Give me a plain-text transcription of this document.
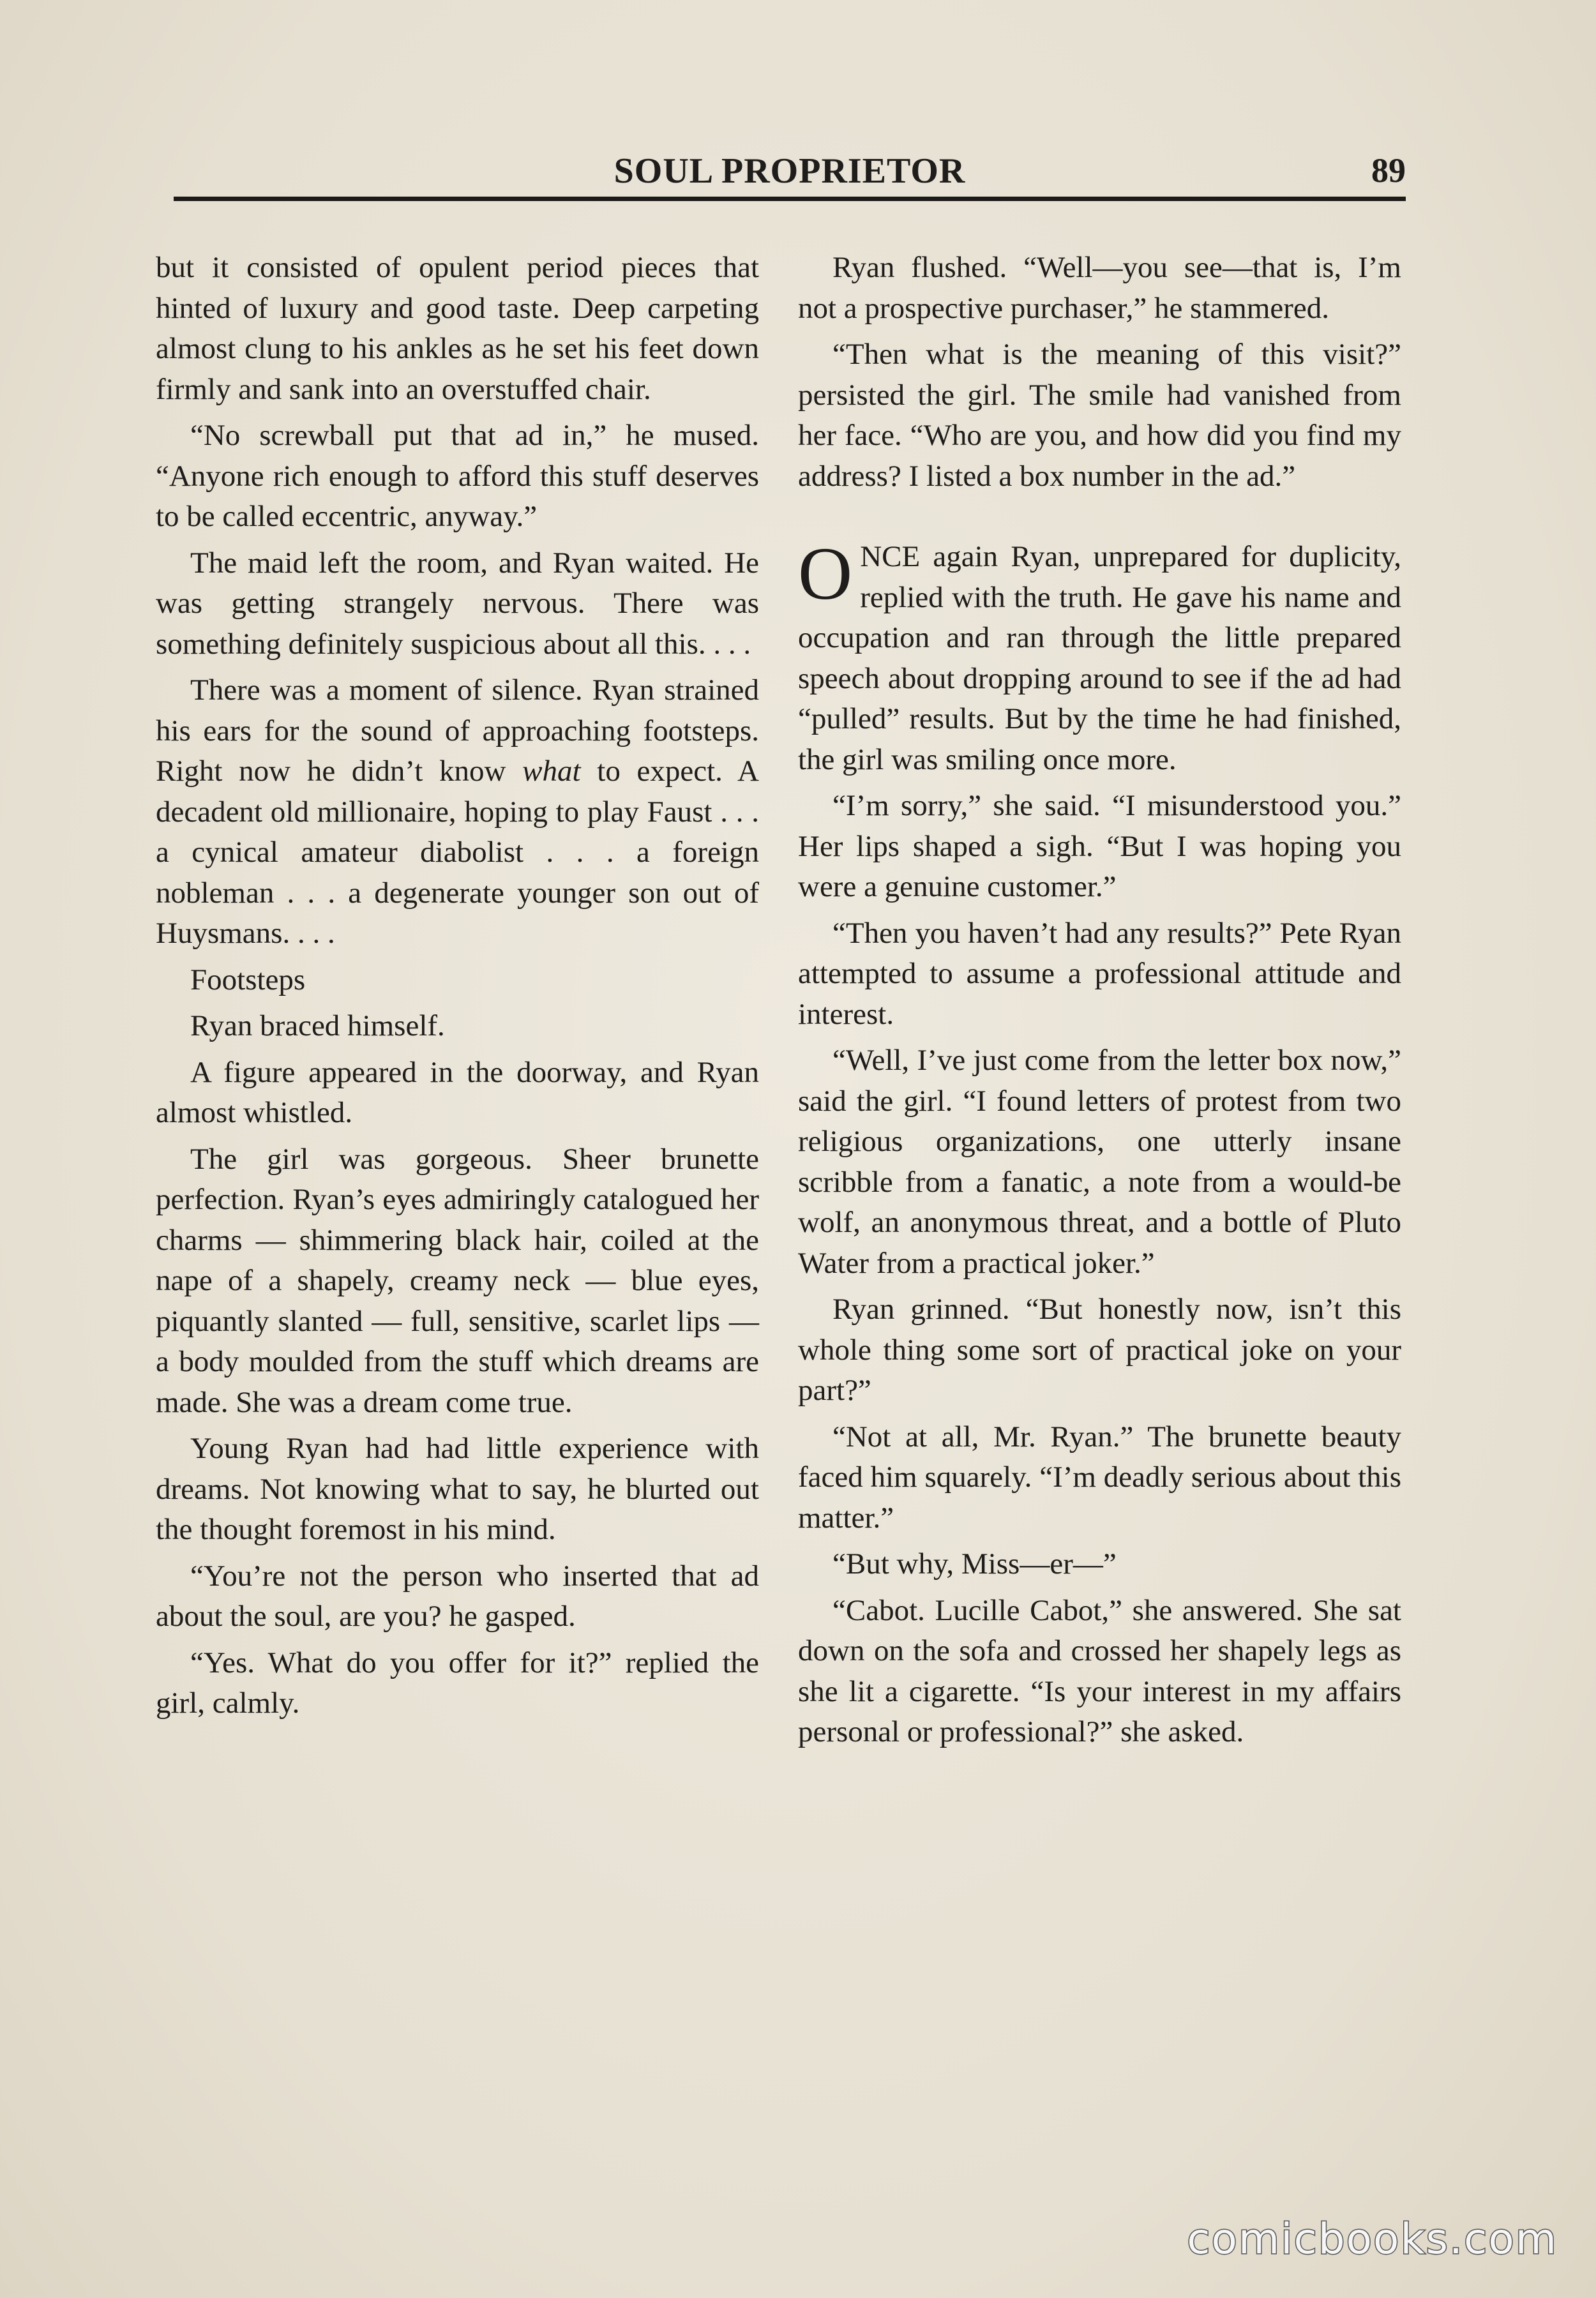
SOUL PROPRIETOR	89

but it consisted of opulent period pieces that hinted of luxury and good taste. Deep carpeting almost clung to his ankles as he set his feet down firmly and sank into an overstuffed chair.

“No screwball put that ad in,” he mused. “Anyone rich enough to afford this stuff deserves to be called eccentric, anyway.”

The maid left the room, and Ryan waited. He was getting strangely nervous. There was something definitely suspicious about all this. . . .

There was a moment of silence. Ryan strained his ears for the sound of approaching footsteps. Right now he didn’t know what to expect. A decadent old millionaire, hoping to play Faust . . . a cynical amateur diabolist . . . a foreign nobleman . . . a degenerate younger son out of Huysmans. . . .

Footsteps

Ryan braced himself.

A figure appeared in the doorway, and Ryan almost whistled.

The girl was gorgeous. Sheer brunette perfection. Ryan’s eyes admiringly catalogued her charms — shimmering black hair, coiled at the nape of a shapely, creamy neck — blue eyes, piquantly slanted — full, sensitive, scarlet lips — a body moulded from the stuff which dreams are made. She was a dream come true.

Young Ryan had had little experience with dreams. Not knowing what to say, he blurted out the thought foremost in his mind.

“You’re not the person who inserted that ad about the soul, are you? he gasped.

“Yes. What do you offer for it?” replied the girl, calmly.

Ryan flushed. “Well—you see—that is, I’m not a prospective purchaser,” he stammered.

“Then what is the meaning of this visit?” persisted the girl. The smile had vanished from her face. “Who are you, and how did you find my address? I listed a box number in the ad.”

ONCE again Ryan, unprepared for duplicity, replied with the truth. He gave his name and occupation and ran through the little prepared speech about dropping around to see if the ad had “pulled” results. But by the time he had finished, the girl was smiling once more.

“I’m sorry,” she said. “I misunderstood you.” Her lips shaped a sigh. “But I was hoping you were a genuine customer.”

“Then you haven’t had any results?” Pete Ryan attempted to assume a professional attitude and interest.

“Well, I’ve just come from the letter box now,” said the girl. “I found letters of protest from two religious organizations, one utterly insane scribble from a fanatic, a note from a would-be wolf, an anonymous threat, and a bottle of Pluto Water from a practical joker.”

Ryan grinned. “But honestly now, isn’t this whole thing some sort of practical joke on your part?”

“Not at all, Mr. Ryan.” The brunette beauty faced him squarely. “I’m deadly serious about this matter.”

“But why, Miss—er—”

“Cabot. Lucille Cabot,” she answered. She sat down on the sofa and crossed her shapely legs as she lit a cigarette. “Is your interest in my affairs personal or professional?” she asked.

comicbooks.com
